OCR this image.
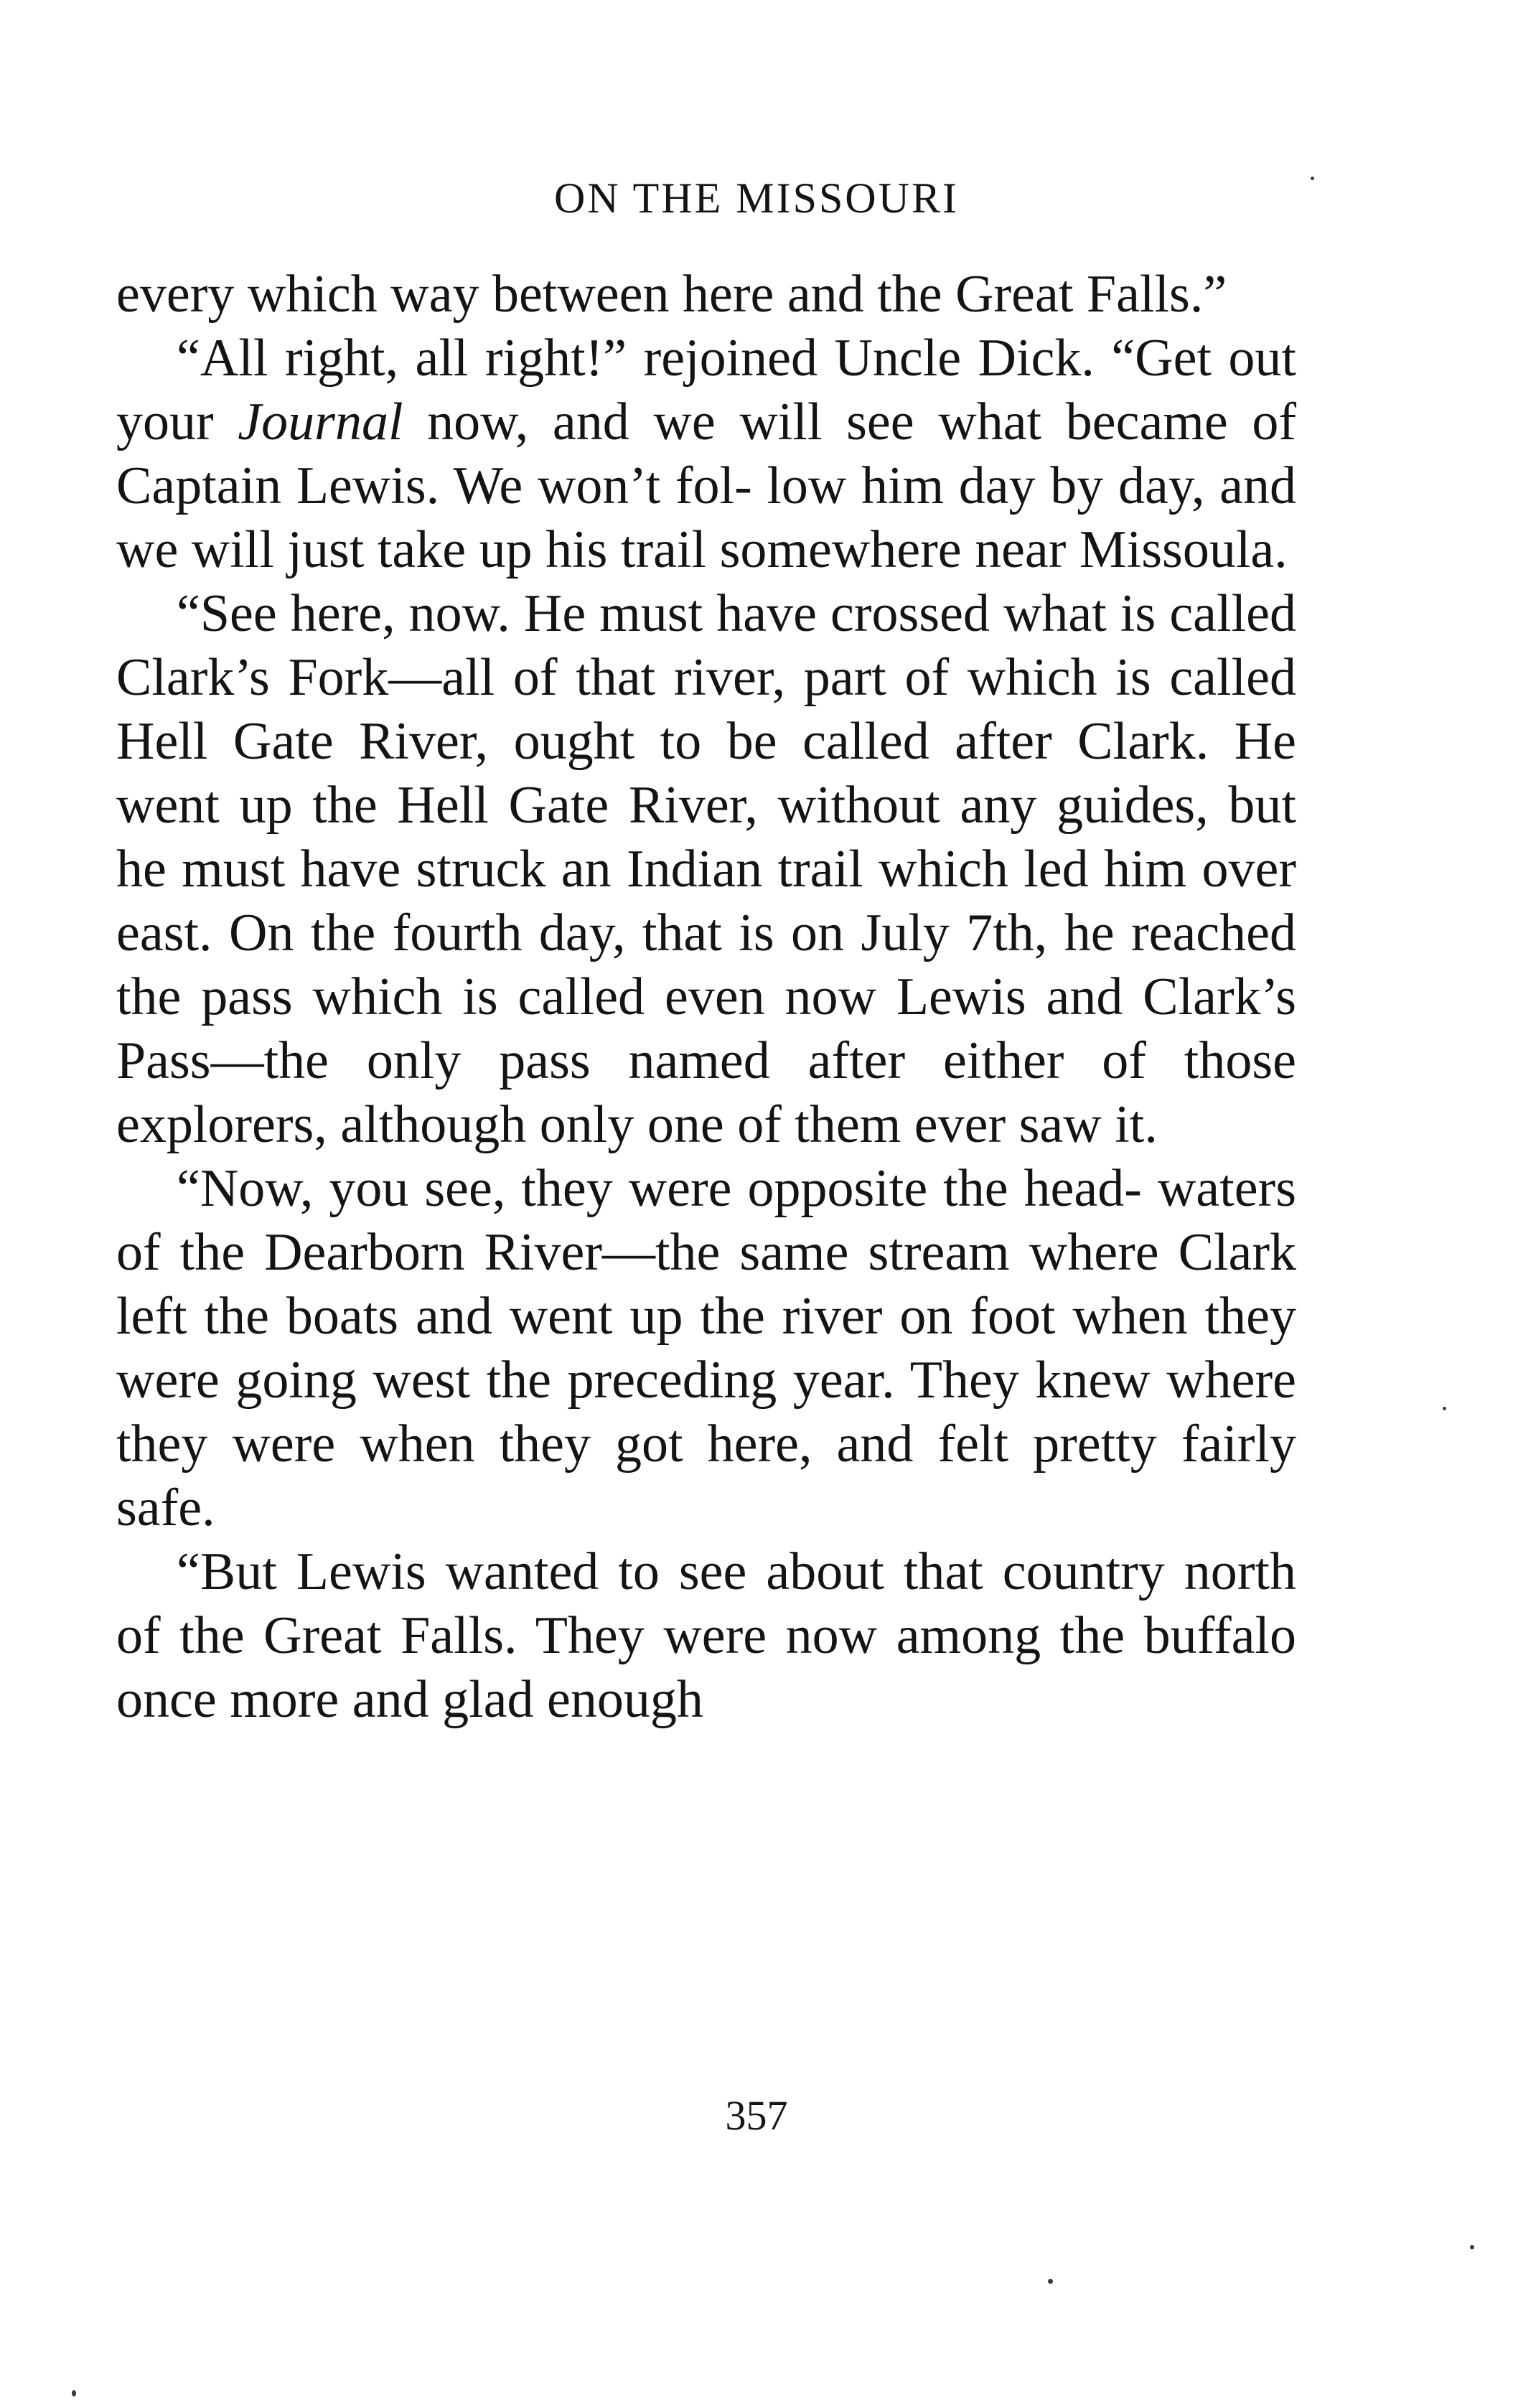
ON THE MISSOURI

every which way between here and the Great Falls.”

“All right, all right!” rejoined Uncle Dick. “Get out your Journal now, and we will see what became of Captain Lewis. We won’t fol- low him day by day, and we will just take up his trail somewhere near Missoula.

“See here, now. He must have crossed what is called Clark’s Fork—all of that river, part of which is called Hell Gate River, ought to be called after Clark. He went up the Hell Gate River, without any guides, but he must have struck an Indian trail which led him over east. On the fourth day, that is on July 7th, he reached the pass which is called even now Lewis and Clark’s Pass—the only pass named after either of those explorers, although only one of them ever saw it.

“Now, you see, they were opposite the head- waters of the Dearborn River—the same stream where Clark left the boats and went up the river on foot when they were going west the preceding year. They knew where they were when they got here, and felt pretty fairly safe.

“But Lewis wanted to see about that country north of the Great Falls. They were now among the buffalo once more and glad enough

357
